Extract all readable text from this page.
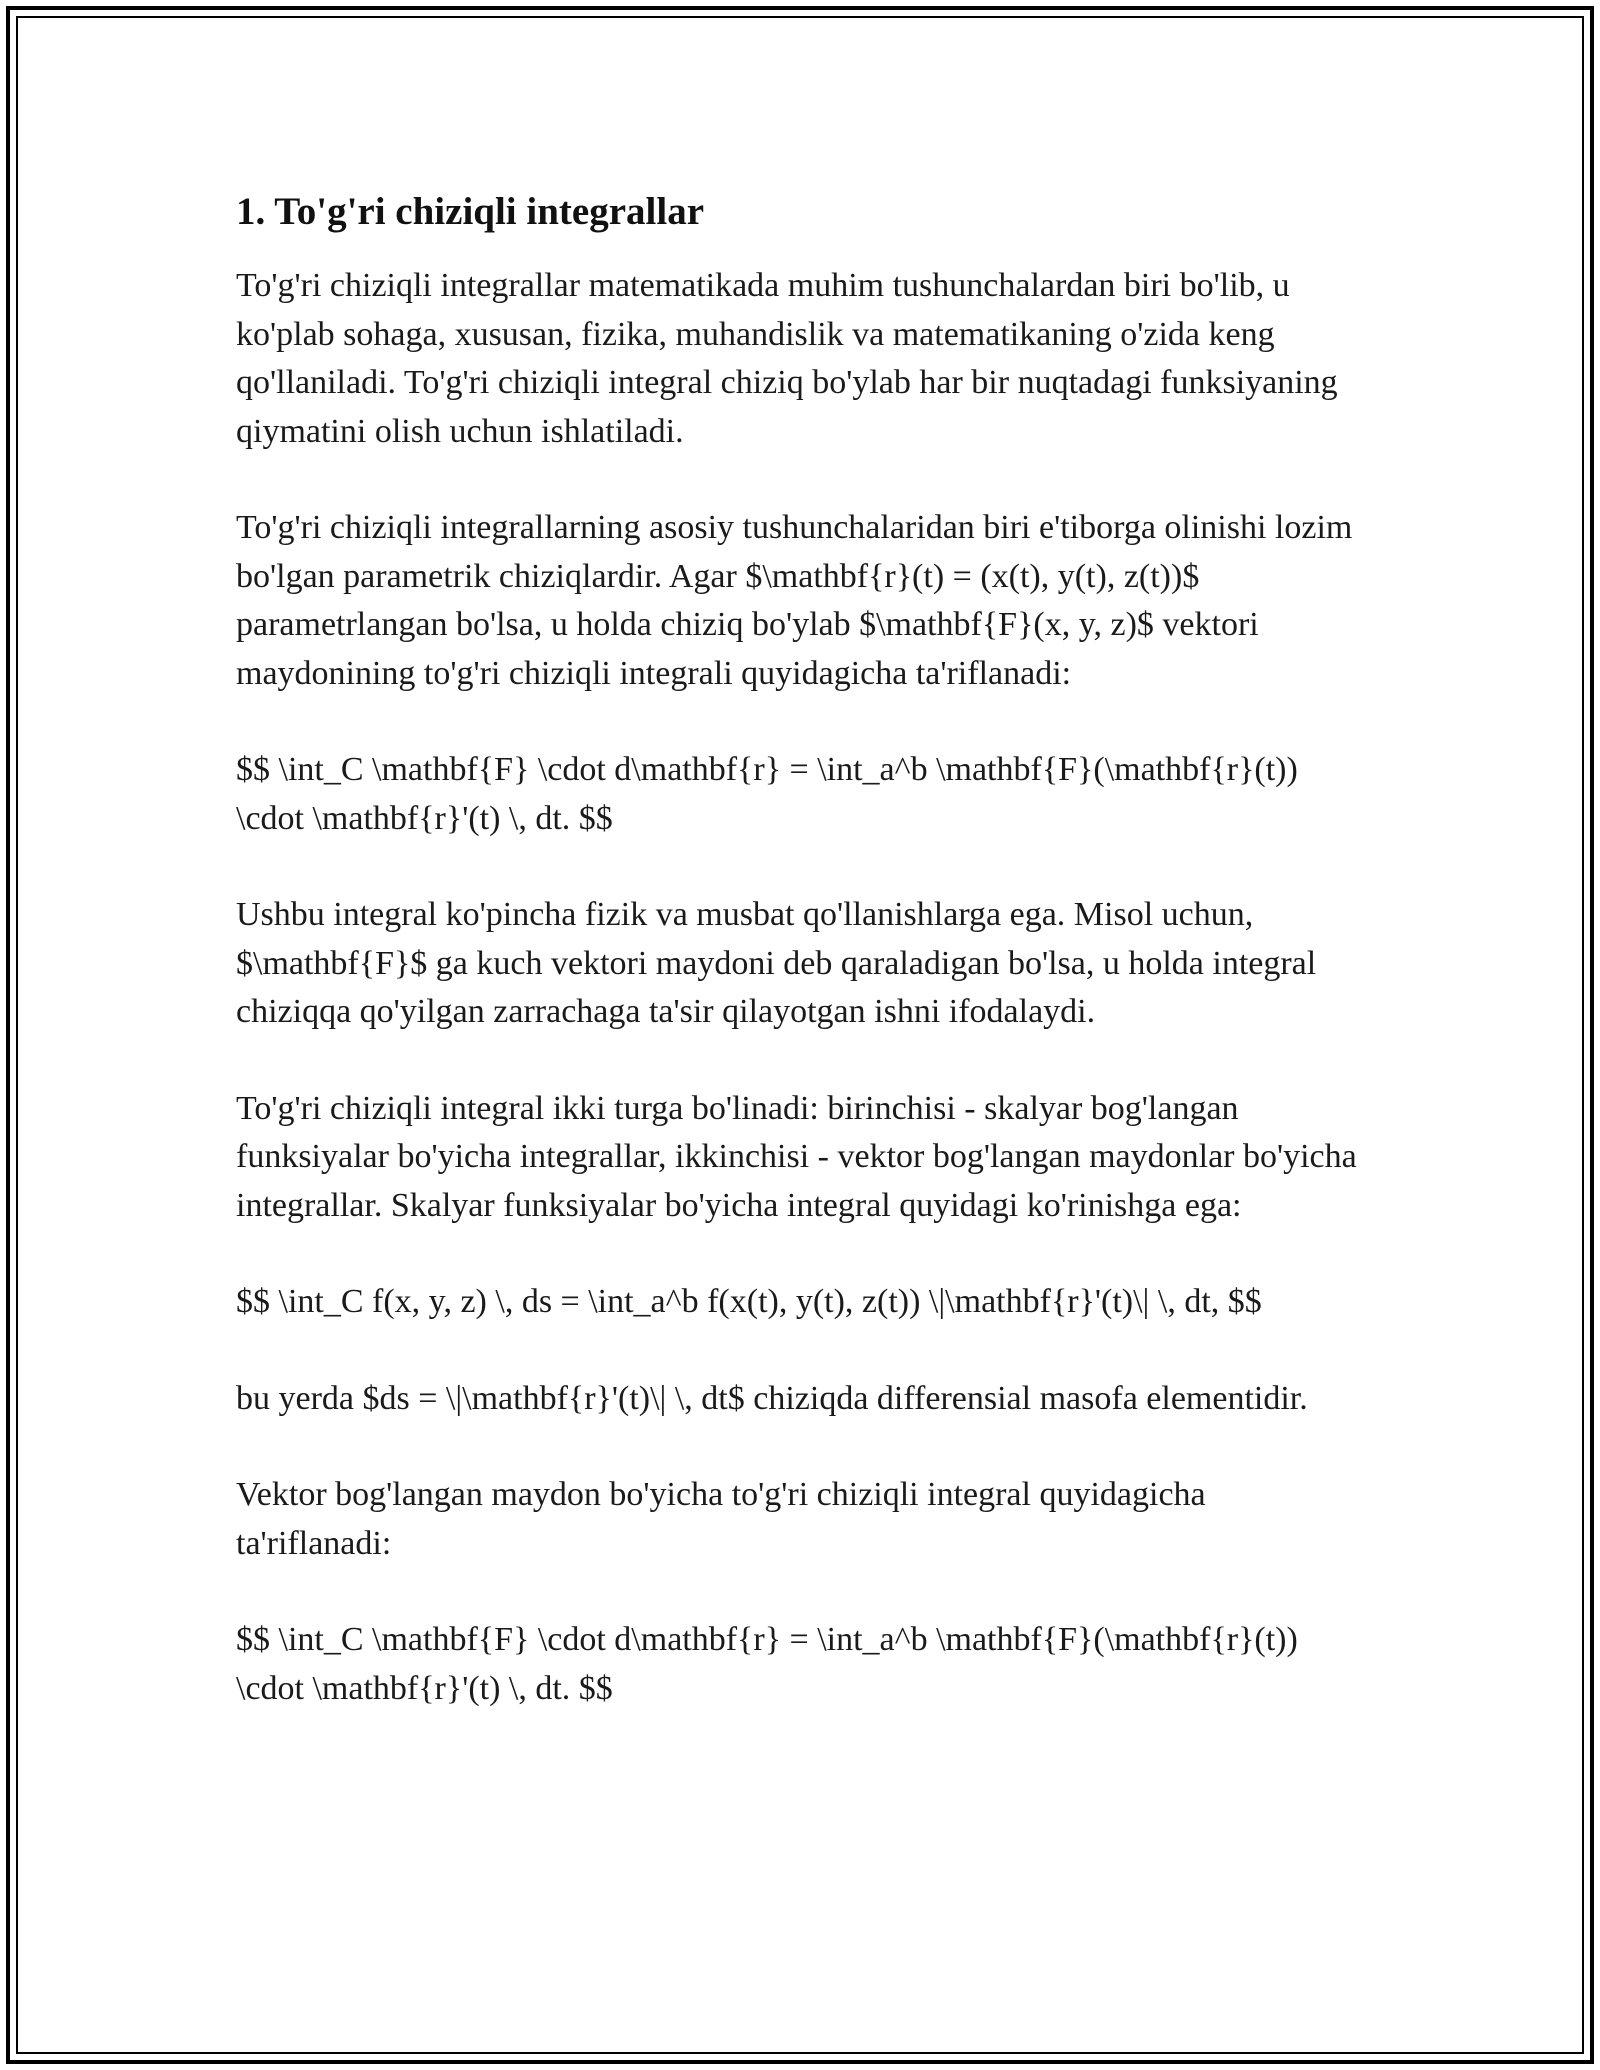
1. To'g'ri chiziqli integrallar

To'g'ri chiziqli integrallar matematikada muhim tushunchalardan biri bo'lib, u ko'plab sohaga, xususan, fizika, muhandislik va matematikaning o'zida keng qo'llaniladi. To'g'ri chiziqli integral chiziq bo'ylab har bir nuqtadagi funksiyaning qiymatini olish uchun ishlatiladi.

To'g'ri chiziqli integrallarning asosiy tushunchalaridan biri e'tiborga olinishi lozim bo'lgan parametrik chiziqlardir. Agar $\mathbf{r}(t) = (x(t), y(t), z(t))$ parametrlangan bo'lsa, u holda chiziq bo'ylab $\mathbf{F}(x, y, z)$ vektori maydonining to'g'ri chiziqli integrali quyidagicha ta'riflanadi:

$$ \int_C \mathbf{F} \cdot d\mathbf{r} = \int_a^b \mathbf{F}(\mathbf{r}(t)) \cdot \mathbf{r}'(t) \, dt. $$

Ushbu integral ko'pincha fizik va musbat qo'llanishlarga ega. Misol uchun, $\mathbf{F}$ ga kuch vektori maydoni deb qaraladigan bo'lsa, u holda integral chiziqqa qo'yilgan zarrachaga ta'sir qilayotgan ishni ifodalaydi.

To'g'ri chiziqli integral ikki turga bo'linadi: birinchisi - skalyar bog'langan funksiyalar bo'yicha integrallar, ikkinchisi - vektor bog'langan maydonlar bo'yicha integrallar. Skalyar funksiyalar bo'yicha integral quyidagi ko'rinishga ega:

$$ \int_C f(x, y, z) \, ds = \int_a^b f(x(t), y(t), z(t)) \|\mathbf{r}'(t)\| \, dt, $$

bu yerda $ds = \|\mathbf{r}'(t)\| \, dt$ chiziqda differensial masofa elementidir.

Vektor bog'langan maydon bo'yicha to'g'ri chiziqli integral quyidagicha ta'riflanadi:

$$ \int_C \mathbf{F} \cdot d\mathbf{r} = \int_a^b \mathbf{F}(\mathbf{r}(t)) \cdot \mathbf{r}'(t) \, dt. $$
